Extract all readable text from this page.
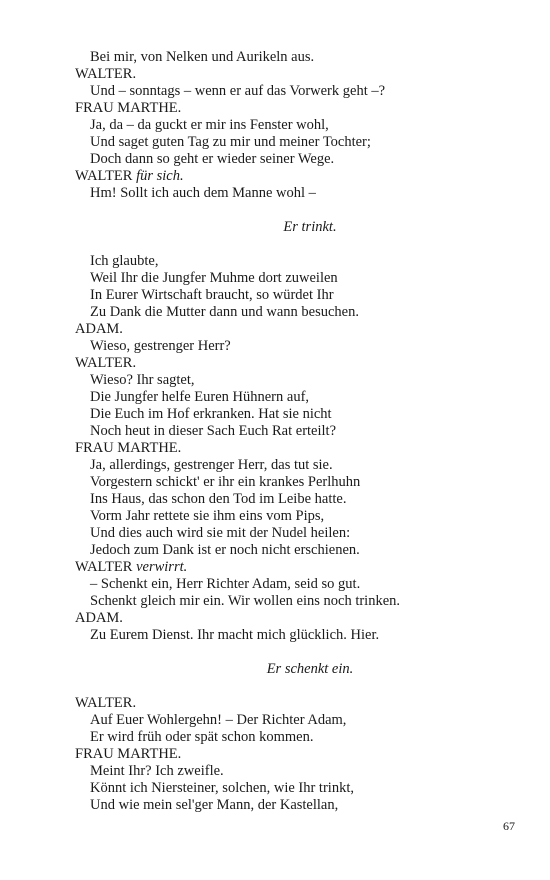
Bei mir, von Nelken und Aurikeln aus.
WALTER.
Und – sonntags – wenn er auf das Vorwerk geht –?
FRAU MARTHE.
Ja, da – da guckt er mir ins Fenster wohl,
Und saget guten Tag zu mir und meiner Tochter;
Doch dann so geht er wieder seiner Wege.
WALTER für sich.
Hm! Sollt ich auch dem Manne wohl –
Er trinkt.
Ich glaubte,
Weil Ihr die Jungfer Muhme dort zuweilen
In Eurer Wirtschaft braucht, so würdet Ihr
Zu Dank die Mutter dann und wann besuchen.
ADAM.
Wieso, gestrenger Herr?
WALTER.
Wieso? Ihr sagtet,
Die Jungfer helfe Euren Hühnern auf,
Die Euch im Hof erkranken. Hat sie nicht
Noch heut in dieser Sach Euch Rat erteilt?
FRAU MARTHE.
Ja, allerdings, gestrenger Herr, das tut sie.
Vorgestern schickt' er ihr ein krankes Perlhuhn
Ins Haus, das schon den Tod im Leibe hatte.
Vorm Jahr rettete sie ihm eins vom Pips,
Und dies auch wird sie mit der Nudel heilen:
Jedoch zum Dank ist er noch nicht erschienen.
WALTER verwirrt.
– Schenkt ein, Herr Richter Adam, seid so gut.
Schenkt gleich mir ein. Wir wollen eins noch trinken.
ADAM.
Zu Eurem Dienst. Ihr macht mich glücklich. Hier.
Er schenkt ein.
WALTER.
Auf Euer Wohlergehn! – Der Richter Adam,
Er wird früh oder spät schon kommen.
FRAU MARTHE.
Meint Ihr? Ich zweifle.
Könnt ich Niersteiner, solchen, wie Ihr trinkt,
Und wie mein sel'ger Mann, der Kastellan,
67
